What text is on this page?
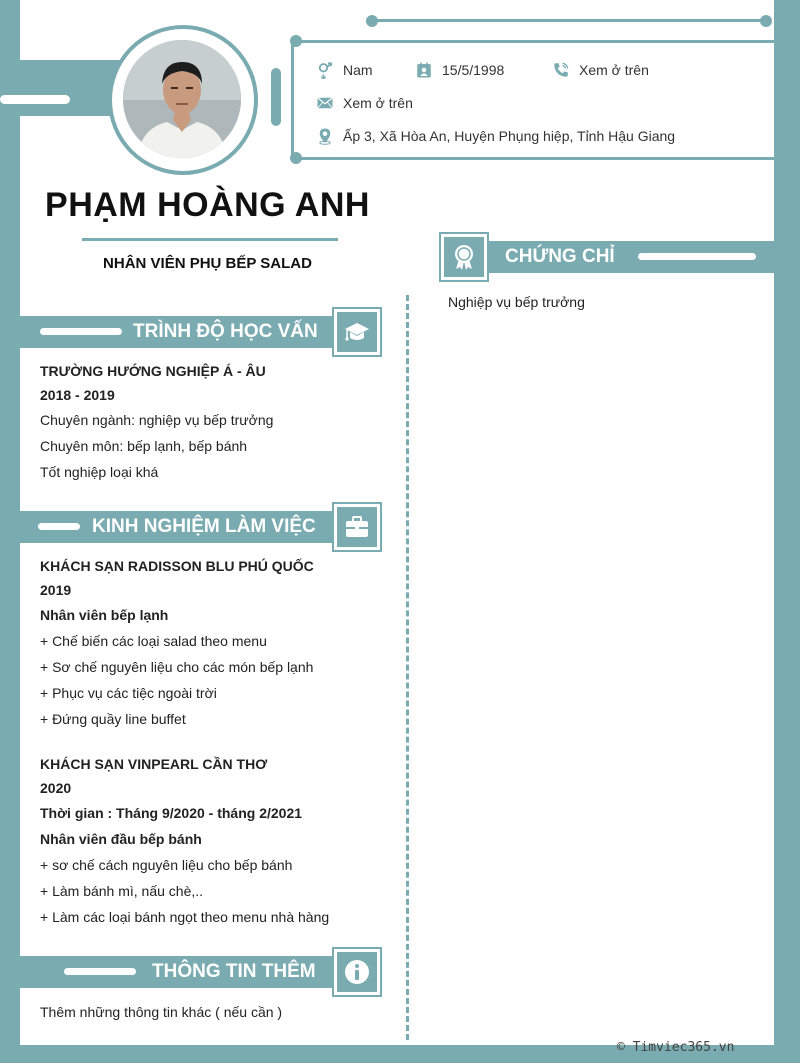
Nam	15/5/1998	Xem ở trên
Xem ở trên
Ấp 3, Xã Hòa An, Huyện Phụng hiệp, Tỉnh Hậu Giang
PHẠM HOÀNG ANH
NHÂN VIÊN PHỤ BẾP SALAD
TRÌNH ĐỘ HỌC VẤN
TRƯỜNG HƯỚNG NGHIỆP Á - ÂU
2018 - 2019
Chuyên ngành: nghiệp vụ bếp trưởng
Chuyên môn: bếp lạnh, bếp bánh
Tốt nghiệp loại khá
KINH NGHIỆM LÀM VIỆC
KHÁCH SẠN RADISSON BLU PHÚ QUỐC
2019
Nhân viên bếp lạnh
+ Chế biến các loại salad theo menu
+ Sơ chế nguyên liệu cho các món bếp lạnh
+ Phục vụ các tiệc ngoài trời
+ Đứng quầy line buffet
KHÁCH SẠN VINPEARL CẦN THƠ
2020
Thời gian : Tháng 9/2020 - tháng 2/2021
Nhân viên đầu bếp bánh
+ sơ chế cách nguyên liệu cho bếp bánh
+ Làm bánh mì, nấu chè,..
+ Làm các loại bánh ngọt theo menu nhà hàng
THÔNG TIN THÊM
Thêm những thông tin khác ( nếu cần )
CHỨNG CHỈ
Nghiệp vụ bếp trưởng
© Timviec365.vn
